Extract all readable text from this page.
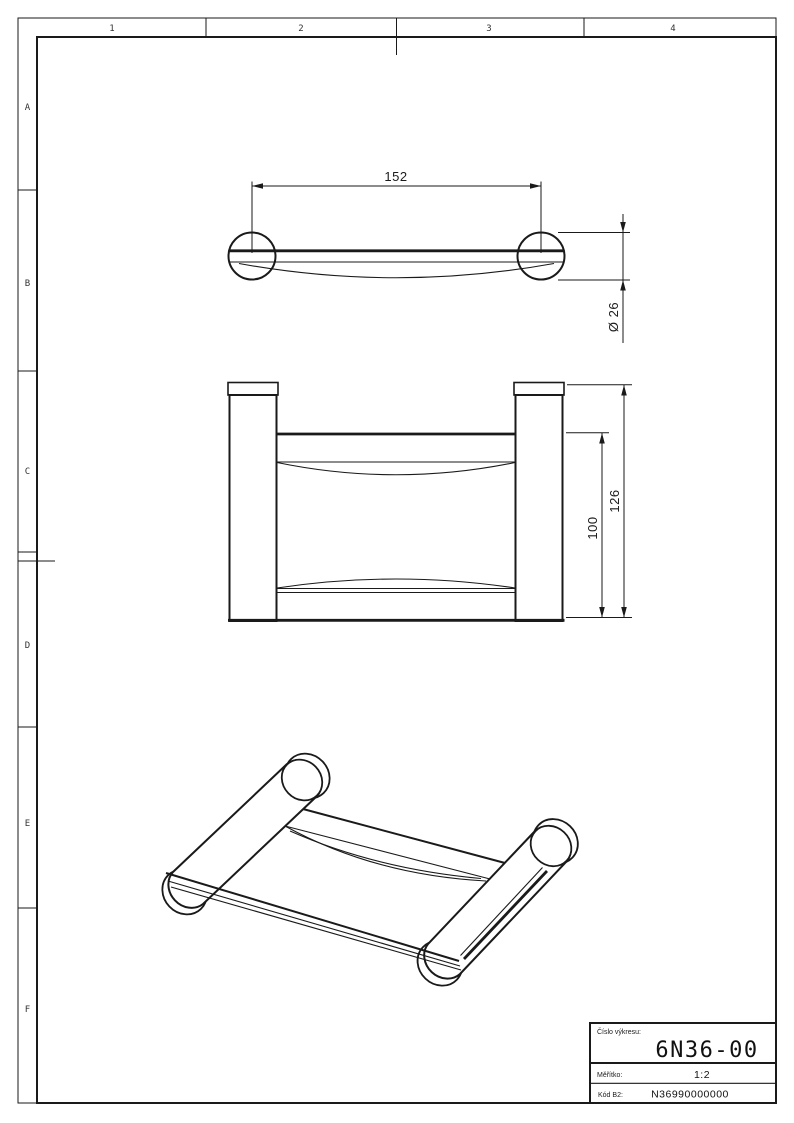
1	2	3	4
A
B
C
D
E
F
152
Ø 26
100
126
Číslo výkresu:
6N36-00
Měřítko:	1:2
Kód B2:	N36990000000
